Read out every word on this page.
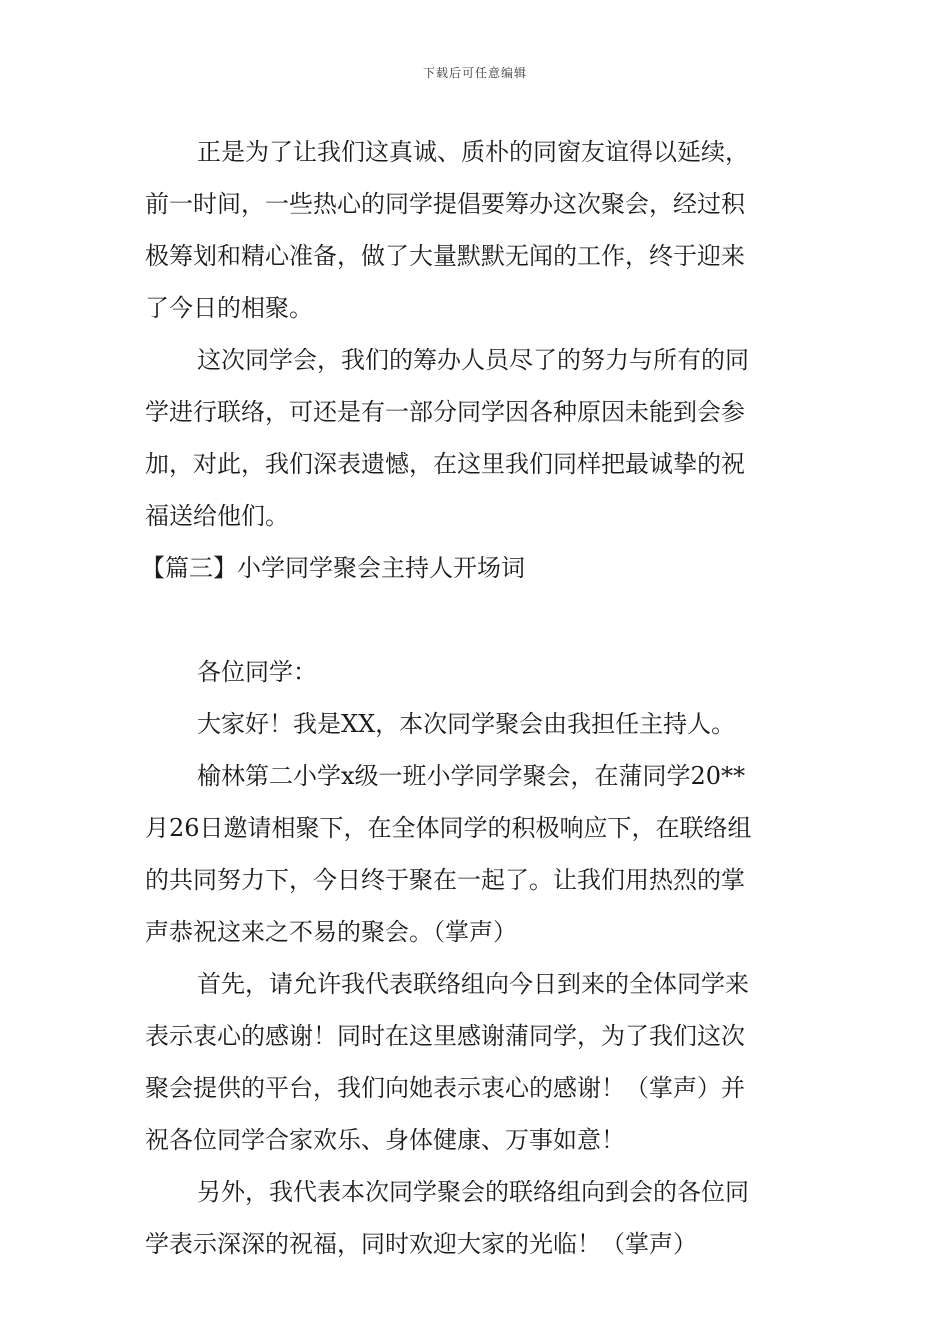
下载后可任意编辑
正是为了让我们这真诚、质朴的同窗友谊得以延续，
前一时间，一些热心的同学提倡要筹办这次聚会，经过积
极筹划和精心准备，做了大量默默无闻的工作，终于迎来
了今日的相聚。
这次同学会，我们的筹办人员尽了的努力与所有的同
学进行联络，可还是有一部分同学因各种原因未能到会参
加，对此，我们深表遗憾，在这里我们同样把最诚挚的祝
福送给他们。
【篇三】小学同学聚会主持人开场词
各位同学：
大家好！我是XX，本次同学聚会由我担任主持人。
榆林第二小学x级一班小学同学聚会，在蒲同学20**
月26日邀请相聚下，在全体同学的积极响应下，在联络组
的共同努力下，今日终于聚在一起了。让我们用热烈的掌
声恭祝这来之不易的聚会。（掌声）
首先，请允许我代表联络组向今日到来的全体同学来
表示衷心的感谢！同时在这里感谢蒲同学，为了我们这次
聚会提供的平台，我们向她表示衷心的感谢！（掌声）并
祝各位同学合家欢乐、身体健康、万事如意！
另外，我代表本次同学聚会的联络组向到会的各位同
学表示深深的祝福，同时欢迎大家的光临！（掌声）
